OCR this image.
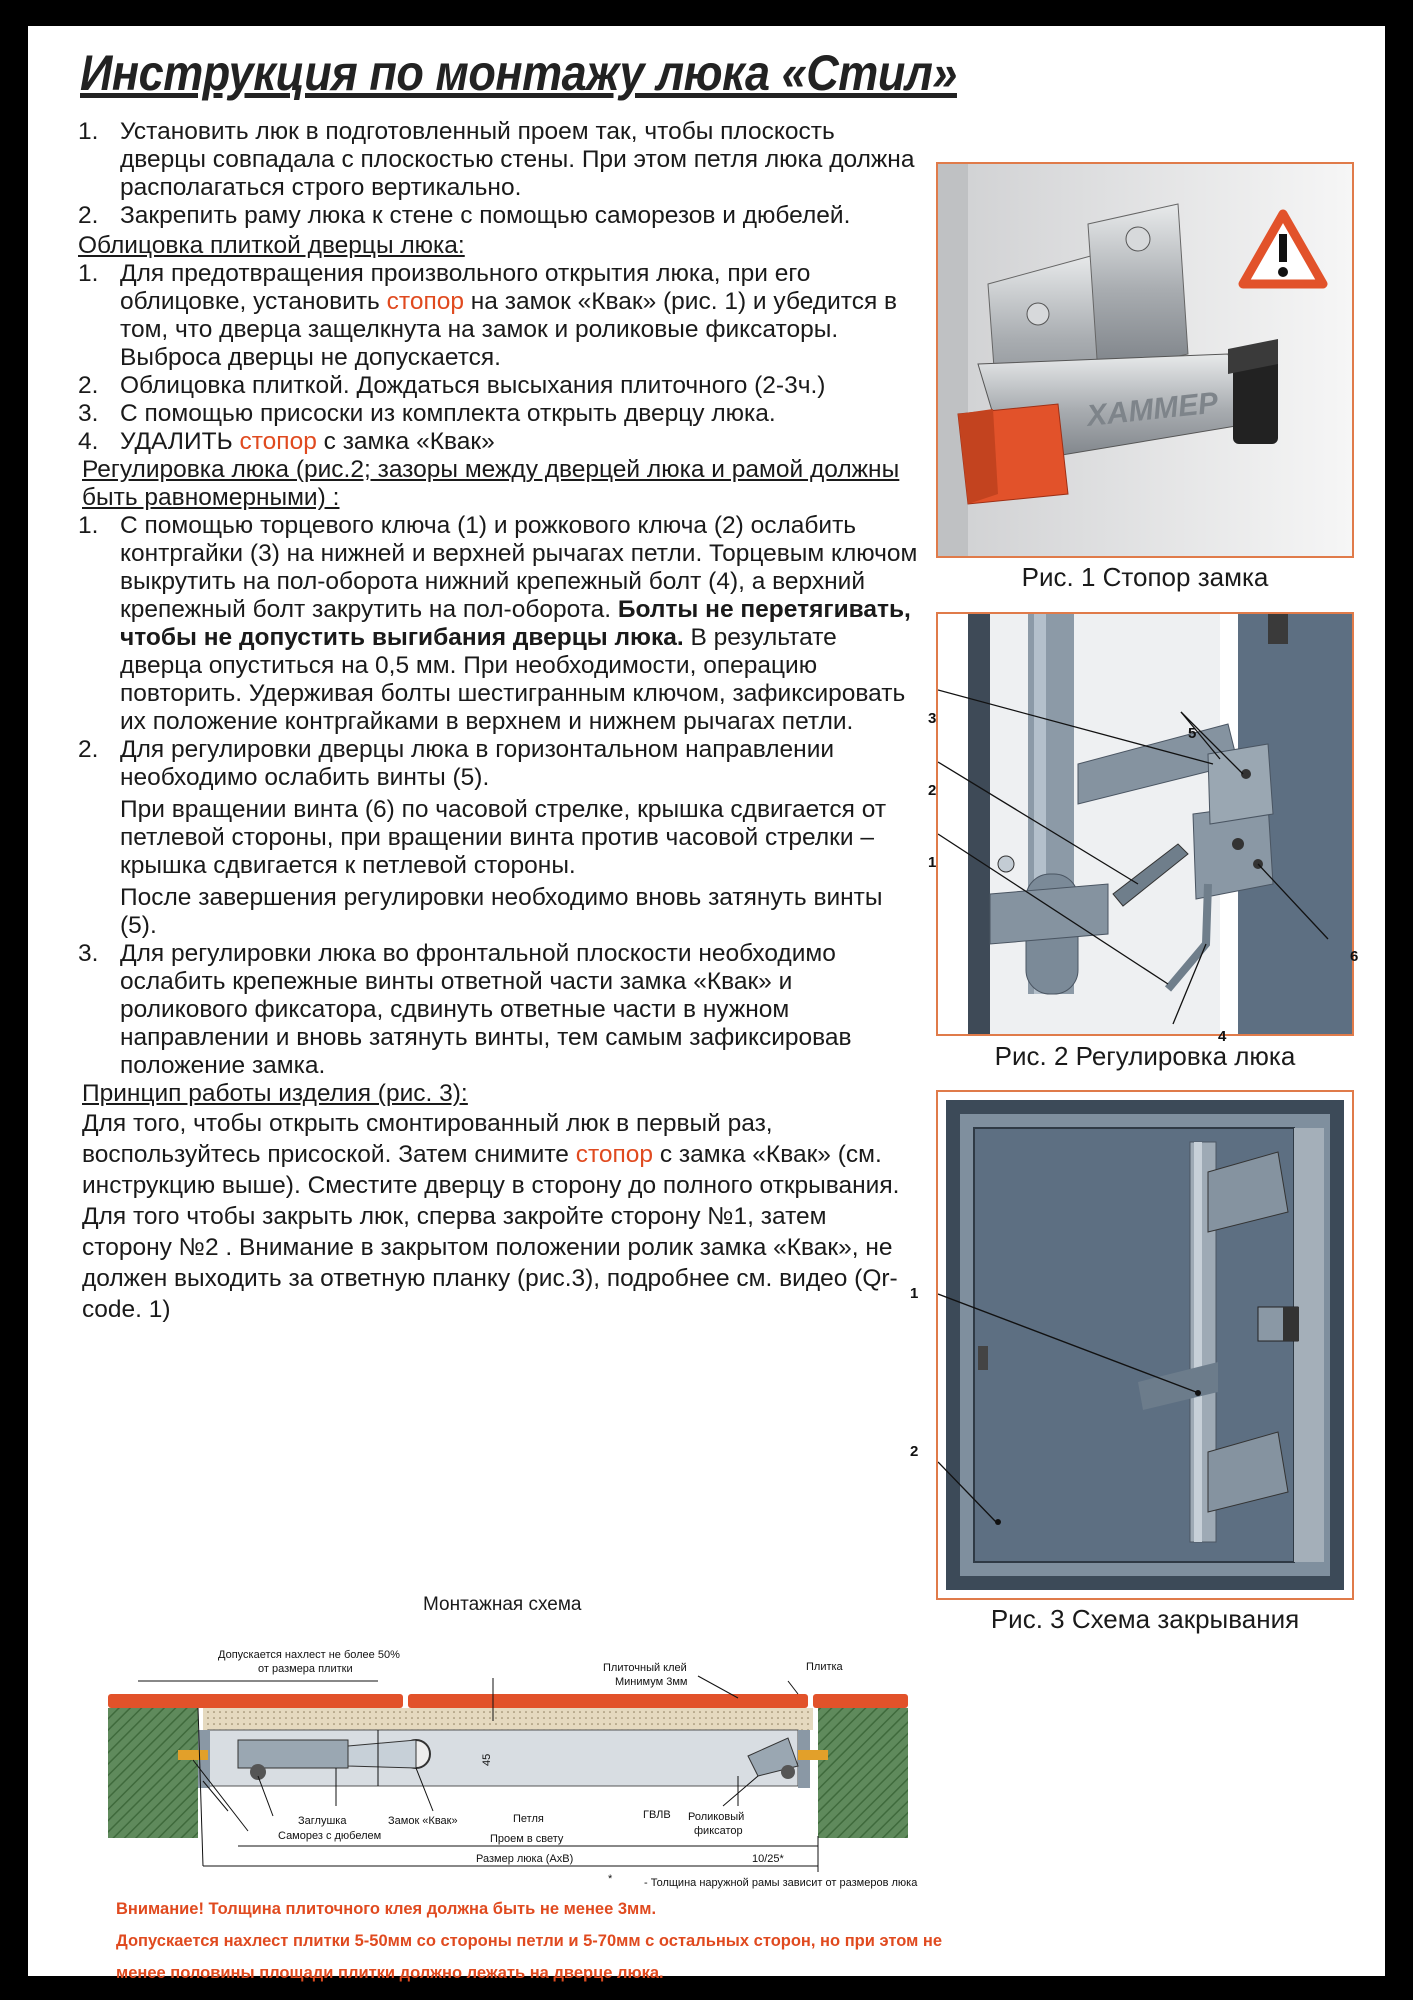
Инструкция по монтажу люка «Стил»
1. Установить люк в подготовленный проем так, чтобы плоскость дверцы совпадала с плоскостью стены. При этом петля люка должна располагаться строго вертикально.
2. Закрепить раму люка к стене с помощью саморезов и дюбелей.
Облицовка плиткой дверцы люка:
1. Для предотвращения произвольного открытия люка, при его облицовке, установить стопор на замок «Квак» (рис. 1) и убедится в том, что дверца защелкнута на замок и роликовые фиксаторы. Выброса дверцы не допускается.
2. Облицовка плиткой. Дождаться высыхания плиточного (2-3ч.)
3. С помощью присоски из комплекта открыть дверцу люка.
4. УДАЛИТЬ стопор с замка «Квак»
Регулировка люка (рис.2; зазоры между дверцей люка и рамой должны быть равномерными) :
1. С помощью торцевого ключа (1) и рожкового ключа (2) ослабить контргайки (3) на нижней и верхней рычагах петли. Торцевым ключом выкрутить на пол-оборота нижний крепежный болт (4), а верхний крепежный болт закрутить на пол-оборота. Болты не перетягивать, чтобы не допустить выгибания дверцы люка. В результате дверца опуститься на 0,5 мм. При необходимости, операцию повторить. Удерживая болты шестигранным ключом, зафиксировать их положение контргайками в верхнем и нижнем рычагах петли.
2. Для регулировки дверцы люка в горизонтальном направлении необходимо ослабить винты (5).
При вращении винта (6) по часовой стрелке, крышка сдвигается от петлевой стороны, при вращении винта против часовой стрелки – крышка сдвигается к петлевой стороны.
После завершения регулировки необходимо вновь затянуть винты (5).
3. Для регулировки люка во фронтальной плоскости необходимо ослабить крепежные винты ответной части замка «Квак» и роликового фиксатора, сдвинуть ответные части в нужном направлении и вновь затянуть винты, тем самым зафиксировав положение замка.
Принцип работы изделия (рис. 3):
Для того, чтобы открыть смонтированный люк в первый раз, воспользуйтесь присоской. Затем снимите стопор с замка «Квак» (см. инструкцию выше). Сместите дверцу в сторону до полного открывания. Для того чтобы закрыть люк, сперва закройте сторону №1, затем сторону №2 . Внимание в закрытом положении ролик замка «Квак», не должен выходить за ответную планку (рис.3), подробнее см. видео (Qr-code. 1)
ХАММЕР
Рис. 1 Стопор замка
3
2
1
5
6
4
Рис. 2 Регулировка люка
1
2
Рис. 3 Схема закрывания
Монтажная схема
Допускается нахлест не более 50%
от размера плитки	Плиточный клей
Минимум 3мм
Плитка
45
Заглушка	Замок «Квак»	Петля	ГВЛВ Роликовый
фиксатор
Саморез с дюбелем	Проем в свету
Размер люка (АхВ)	10/25*
*	- Толщина наружной рамы зависит от размеров люка
Внимание! Толщина плиточного клея должна быть не менее 3мм.
Допускается нахлест плитки 5-50мм со стороны петли и 5-70мм с остальных сторон, но при этом не
менее половины площади плитки должно лежать на дверце люка.
